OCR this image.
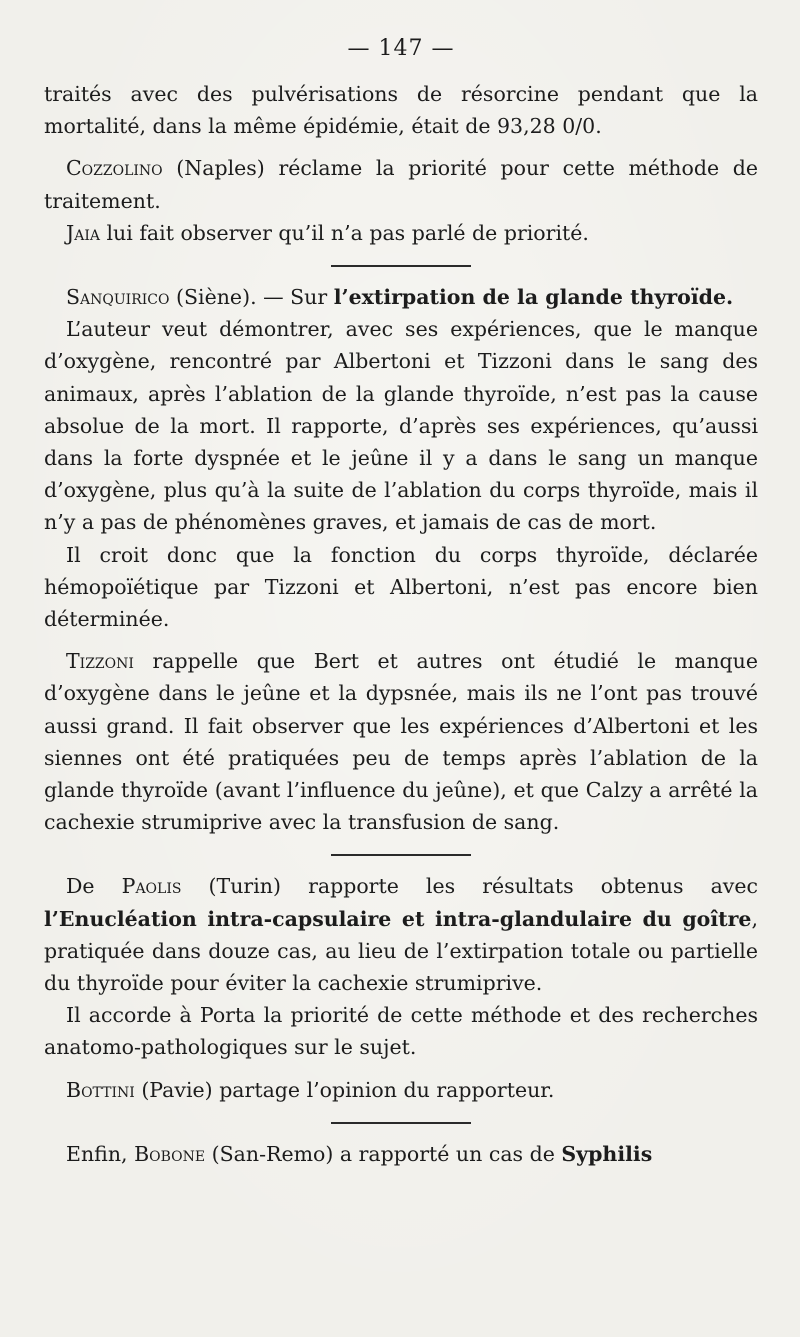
— 147 —

traités avec des pulvérisations de résorcine pendant que la mortalité, dans la même épidémie, était de 93,28 0/0.

Cozzolino (Naples) réclame la priorité pour cette méthode de traitement.

Jaia lui fait observer qu’il n’a pas parlé de priorité.

Sanquirico (Siène). — Sur l’extirpation de la glande thyroïde.

L’auteur veut démontrer, avec ses expériences, que le manque d’oxygène, rencontré par Albertoni et Tizzoni dans le sang des animaux, après l’ablation de la glande thyroïde, n’est pas la cause absolue de la mort. Il rapporte, d’après ses expériences, qu’aussi dans la forte dyspnée et le jeûne il y a dans le sang un manque d’oxygène, plus qu’à la suite de l’ablation du corps thyroïde, mais il n’y a pas de phénomènes graves, et jamais de cas de mort.

Il croit donc que la fonction du corps thyroïde, déclarée hémopoïétique par Tizzoni et Albertoni, n’est pas encore bien déterminée.

Tizzoni rappelle que Bert et autres ont étudié le manque d’oxygène dans le jeûne et la dypsnée, mais ils ne l’ont pas trouvé aussi grand. Il fait observer que les expériences d’Albertoni et les siennes ont été pratiquées peu de temps après l’ablation de la glande thyroïde (avant l’influence du jeûne), et que Calzy a arrêté la cachexie strumiprive avec la transfusion de sang.

De Paolis (Turin) rapporte les résultats obtenus avec l’Enucléation intra-capsulaire et intra-glandulaire du goître, pratiquée dans douze cas, au lieu de l’extirpation totale ou partielle du thyroïde pour éviter la cachexie strumiprive.

Il accorde à Porta la priorité de cette méthode et des recherches anatomo-pathologiques sur le sujet.

Bottini (Pavie) partage l’opinion du rapporteur.

Enfin, Bobone (San-Remo) a rapporté un cas de Syphilis
